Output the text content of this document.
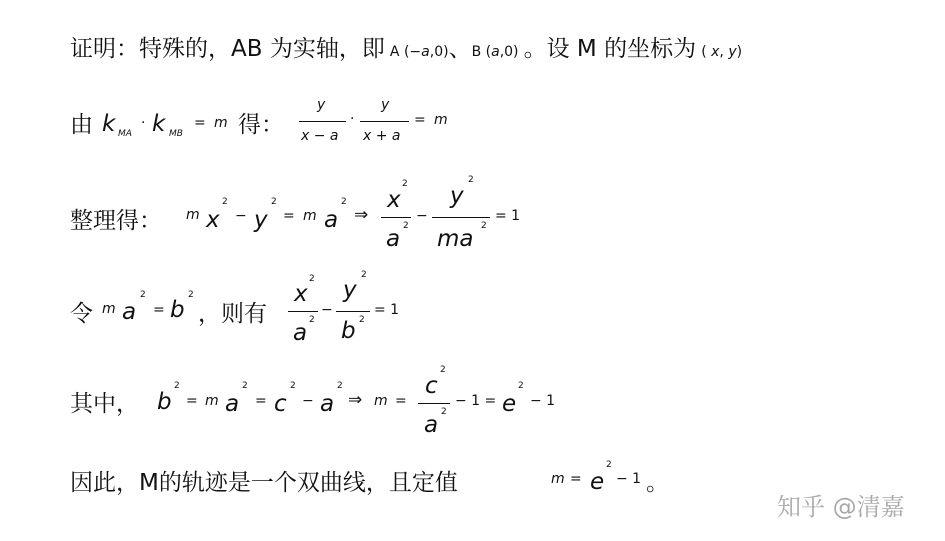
证明：特殊的，AB 为实轴，即 A (−a,0)、B (a,0) 。设 M 的坐标为 ( x, y)
由 k MA
· k MB
= m 得：
y
x − a
·
y
x + a
= m
整理得： m x
2
− y
2
= m a
2
⇒
x
2
a 2
−
y
2
ma 2
= 1
令 m a
2
= b
2
，则有
x
2
a 2
−
y
2
b 2
= 1
其中， b
2
= m a
2
= c
2
− a
2
⇒ m =
c
2
a 2
− 1 = e
2
− 1
因此，M的轨迹是一个双曲线，且定值	m = e
2
− 1 。
知乎 @清嘉
